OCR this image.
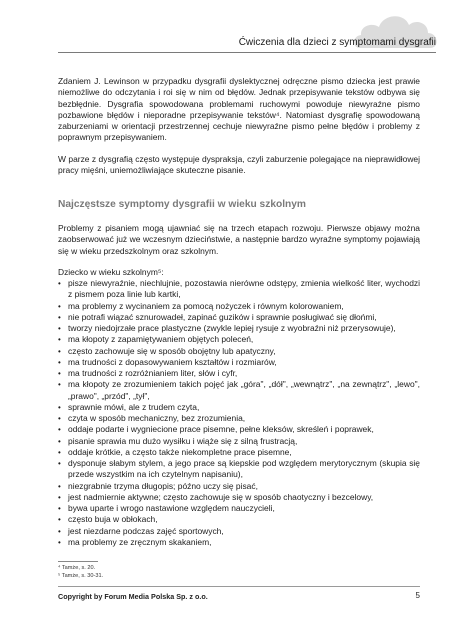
Ćwiczenia dla dzieci z symptomami dysgrafii

Zdaniem J. Lewinson w przypadku dysgrafii dyslektycznej odręczne pismo dziecka jest prawie niemożliwe do odczytania i roi się w nim od błędów. Jednak przepisywanie tekstów odbywa się bezbłędnie. Dysgrafia spowodowana problemami ruchowymi powoduje niewyraźne pismo pozbawione błędów i nieporadne przepisywanie tekstów⁴. Natomiast dysgrafię spowodowaną zaburzeniami w orientacji przestrzennej cechuje niewyraźne pismo pełne błędów i problemy z poprawnym przepisywaniem.

W parze z dysgrafią często występuje dyspraksja, czyli zaburzenie polegające na nieprawidłowej pracy mięśni, uniemożliwiające skuteczne pisanie.

Najczęstsze symptomy dysgrafii w wieku szkolnym

Problemy z pisaniem mogą ujawniać się na trzech etapach rozwoju. Pierwsze objawy można zaobserwować już we wczesnym dzieciństwie, a następnie bardzo wyraźne symptomy pojawiają się w wieku przedszkolnym oraz szkolnym.

Dziecko w wieku szkolnym⁵:

• pisze niewyraźnie, niechlujnie, pozostawia nierówne odstępy, zmienia wielkość liter, wychodzi z pismem poza linie lub kartki,
• ma problemy z wycinaniem za pomocą nożyczek i równym kolorowaniem,
• nie potrafi wiązać sznurowadeł, zapinać guzików i sprawnie posługiwać się dłońmi,
• tworzy niedojrzałe prace plastyczne (zwykle lepiej rysuje z wyobraźni niż przerysowuje),
• ma kłopoty z zapamiętywaniem objętych poleceń,
• często zachowuje się w sposób obojętny lub apatyczny,
• ma trudności z dopasowywaniem kształtów i rozmiarów,
• ma trudności z rozróżnianiem liter, słów i cyfr,
• ma kłopoty ze zrozumieniem takich pojęć jak „góra", „dół", „wewnątrz", „na zewnątrz", „lewo", „prawo", „przód", „tył",
• sprawnie mówi, ale z trudem czyta,
• czyta w sposób mechaniczny, bez zrozumienia,
• oddaje podarte i wygniecione prace pisemne, pełne kleksów, skreśleń i poprawek,
• pisanie sprawia mu dużo wysiłku i wiąże się z silną frustracją,
• oddaje krótkie, a często także niekompletne prace pisemne,
• dysponuje słabym stylem, a jego prace są kiepskie pod względem merytorycznym (skupia się przede wszystkim na ich czytelnym napisaniu),
• niezgrabnie trzyma długopis; późno uczy się pisać,
• jest nadmiernie aktywne; często zachowuje się w sposób chaotyczny i bezcelowy,
• bywa uparte i wrogo nastawione względem nauczycieli,
• często buja w obłokach,
• jest niezdarne podczas zajęć sportowych,
• ma problemy ze zręcznym skakaniem,
⁴ Tamże, s. 20.
⁵ Tamże, s. 30-31.
Copyright by Forum Media Polska Sp. z o.o.	5
